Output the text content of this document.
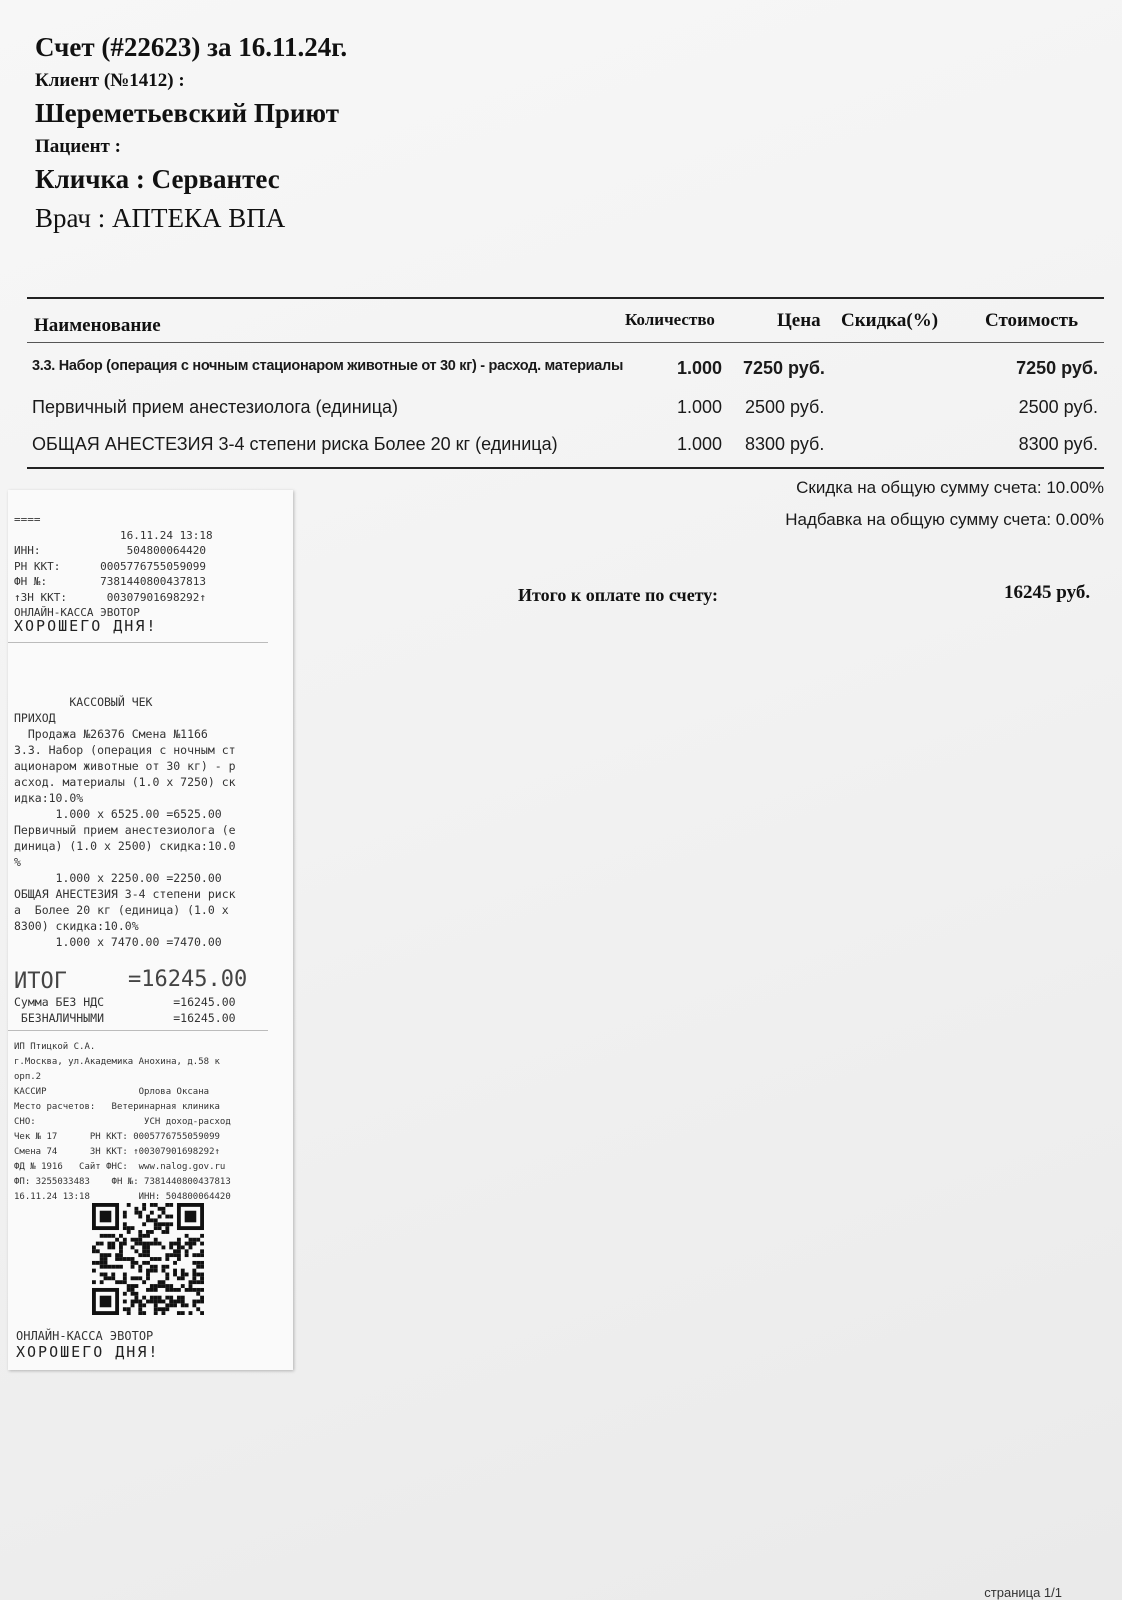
Счет (#22623) за 16.11.24г.
Клиент (№1412) :
Шереметьевский Приют
Пациент :
Кличка : Сервантес
Врач : АПТЕКА ВПА
Наименование	Количество	Цена Скидка(%) Стоимость
3.3. Набор (операция с ночным стационаром животные от 30 кг) - расход. материалы	1.000 7250 руб.	7250 руб.
Первичный прием анестезиолога (единица)	1.000 2500 руб.	2500 руб.
ОБЩАЯ АНЕСТЕЗИЯ 3-4 степени риска Более 20 кг (единица)	1.000 8300 руб.	8300 руб.
Скидка на общую сумму счета: 10.00%
Надбавка на общую сумму счета: 0.00%
Итого к оплате по счету:	16245 руб.
====
16.11.24 13:18
ИНН:             504800064420
РН ККТ:      0005776755059099
ФН №:        7381440800437813
↑ЗН ККТ:      00307901698292↑
ОНЛАЙН-КАССА ЭВОТОР
ХОРОШЕГО ДНЯ!
КАССОВЫЙ ЧЕК
ПРИХОД
Продажа №26376 Смена №1166
3.3. Набор (операция с ночным ст
ационаром животные от 30 кг) - р
асход. материалы (1.0 х 7250) ск
идка:10.0%
1.000 х 6525.00 =6525.00
Первичный прием анестезиолога (е
диница) (1.0 х 2500) скидка:10.0
%
1.000 х 2250.00 =2250.00
ОБЩАЯ АНЕСТЕЗИЯ 3-4 степени риск
а  Более 20 кг (единица) (1.0 х
8300) скидка:10.0%
1.000 х 7470.00 =7470.00
ИТОГ	=16245.00
Сумма БЕЗ НДС          =16245.00
БЕЗНАЛИЧНЫМИ          =16245.00
ИП Птицкой С.А.
г.Москва, ул.Академика Анохина, д.58 к
орп.2
КАССИР                 Орлова Оксана
Место расчетов:   Ветеринарная клиника
СНО:                    УСН доход-расход
Чек № 17      РН ККТ: 0005776755059099
Смена 74      ЗН ККТ: ↑00307901698292↑
ФД № 1916   Сайт ФНС:  www.nalog.gov.ru
ФП: 3255033483    ФН №: 7381440800437813
16.11.24 13:18         ИНН: 504800064420
ОНЛАЙН-КАССА ЭВОТОР
ХОРОШЕГО ДНЯ!
страница 1/1
